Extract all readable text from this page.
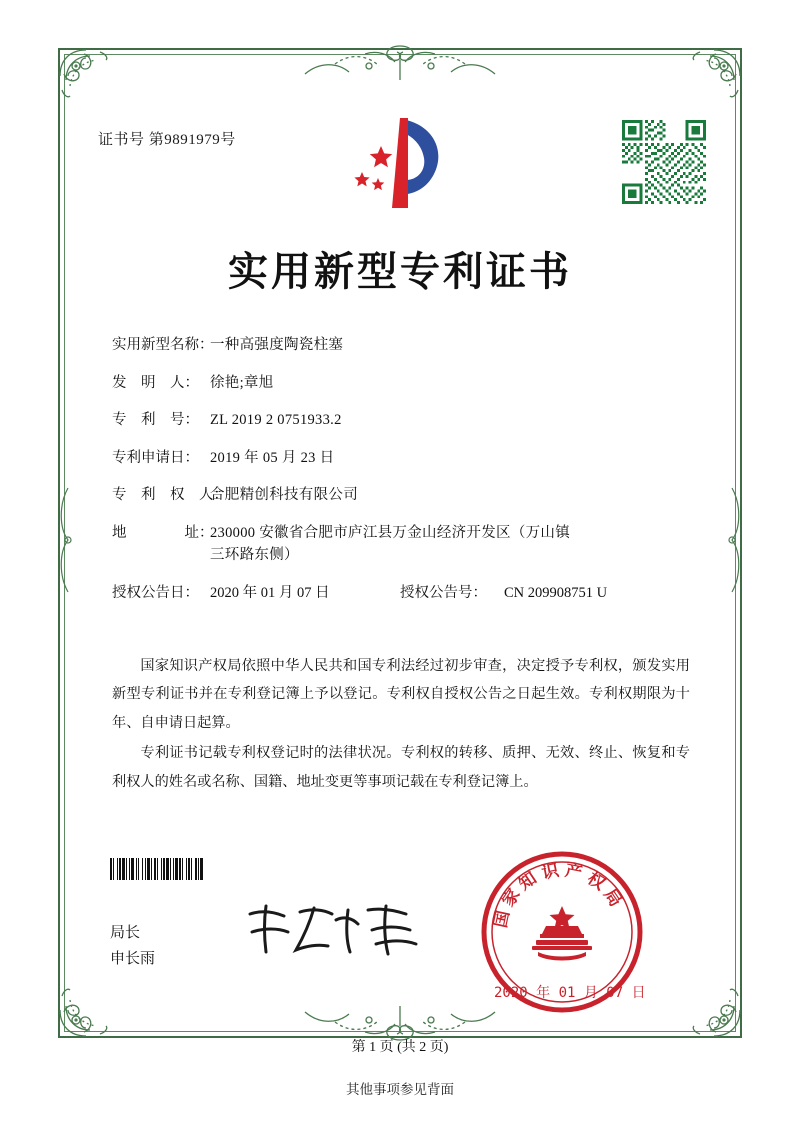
证书号 第9891979号
实用新型专利证书
实用新型名称：
一种高强度陶瓷柱塞
发　明　人： 徐艳;章旭
专　利　号： ZL 2019 2 0751933.2
专利申请日： 2019 年 05 月 23 日
专　利　权　人：
合肥精创科技有限公司
地　　　　址：
230000 安徽省合肥市庐江县万金山经济开发区（万山镇
三环路东侧）
授权公告日： 2020 年 01 月 07 日	授权公告号：	CN 209908751 U

国家知识产权局依照中华人民共和国专利法经过初步审查，决定授予专利权，颁发实用新型专利证书并在专利登记簿上予以登记。专利权自授权公告之日起生效。专利权期限为十年、自申请日起算。

专利证书记载专利权登记时的法律状况。专利权的转移、质押、无效、终止、恢复和专利权人的姓名或名称、国籍、地址变更等事项记载在专利登记簿上。

局长
申长雨
家
知 识 产 权
局
国
2020 年 01 月 07 日
第 1 页 (共 2 页)
其他事项参见背面
